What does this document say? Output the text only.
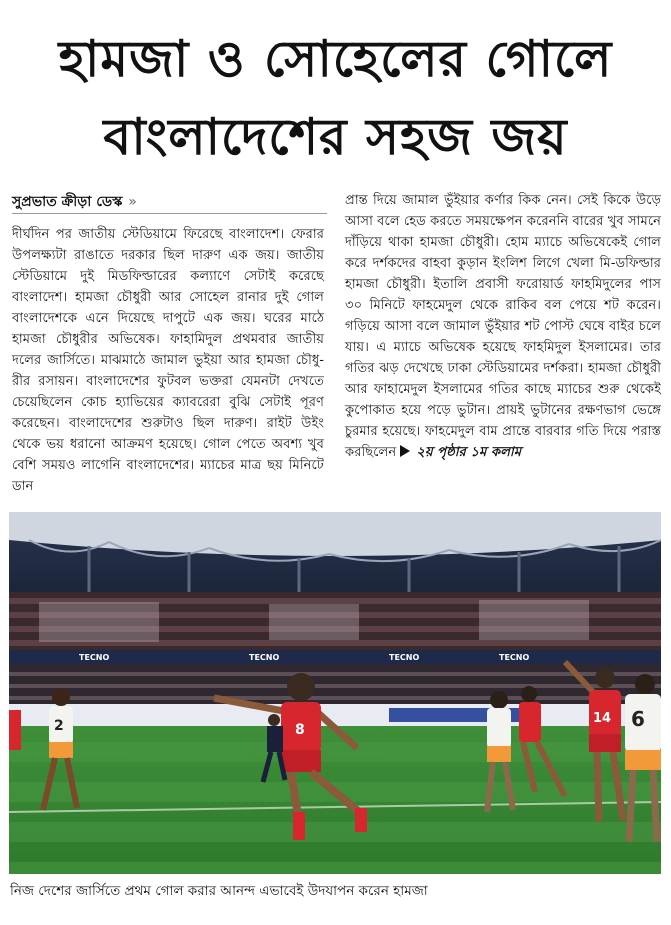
হামজা ও সোহেলের গোলে
বাংলাদেশের সহজ জয়
সুপ্রভাত ক্রীড়া ডেস্ক »
দীর্ঘদিন পর জাতীয় স্টেডিয়ামে ফিরেছে বাংলাদেশ। ফেরার উপলক্ষ্যটা রাঙাতে দরকার ছিল দারুণ এক জয়। জাতীয় স্টেডিয়ামে দুই মিডফিল্ডারের কল্যাণে সেটাই করেছে বাংলাদেশ। হামজা চৌধুরী আর সোহেল রানার দুই গোল বাংলাদেশকে এনে দিয়েছে দাপুটে এক জয়। ঘরের মাঠে হামজা চৌধুরীর অভিষেক। ফাহামিদুল প্রথমবার জাতীয় দলের জার্সিতে। মাঝমাঠে জামাল ভুইয়া আর হামজা চৌধু-রীর রসায়ন। বাংলাদেশের ফুটবল ভক্তরা যেমনটা দেখতে চেয়েছিলেন কোচ হ্যাভিয়ের ক্যাবরেরা বুঝি সেটাই পূরণ করেছেন। বাংলাদেশের শুরুটাও ছিল দারুণ। রাইট উইং থেকে ভয় ধরানো আক্রমণ হয়েছে। গোল পেতে অবশ্য খুব বেশি সময়ও লাগেনি বাংলাদেশের। ম্যাচের মাত্র ছয় মিনিটে ডান
প্রান্ত দিয়ে জামাল ভুঁইয়ার কর্ণার কিক নেন। সেই কিকে উড়ে আসা বলে হেড করতে সময়ক্ষেপন করেননি বারের খুব সামনে দাঁড়িয়ে থাকা হামজা চৌধুরী। হোম ম্যাচে অভিষেকেই গোল করে দর্শকদের বাহবা কুড়ান ইংলিশ লিগে খেলা মি-ডফিল্ডার হামজা চৌধুরী। ইতালি প্রবাসী ফরোয়ার্ড ফাহমিদুলের পাস ৩০ মিনিটে ফাহমেদুল থেকে রাকিব বল পেয়ে শট করেন। গড়িয়ে আসা বলে জামাল ভুঁইয়ার শট পোস্ট ঘেষে বাইর চলে যায়। এ ম্যাচে অভিষেক হয়েছে ফাহমিদুল ইসলামের। তার গতির ঝড় দেখেছে ঢাকা স্টেডিয়ামের দর্শকরা। হামজা চৌধুরী আর ফাহামেদুল ইসলামের গতির কাছে ম্যাচের শুরু থেকেই কুপোকাত হয়ে পড়ে ভুটান। প্রায়ই ভুটানের রক্ষণভাগ ভেঙ্গে চুরমার হয়েছে। ফাহমেদুল বাম প্রান্তে বারবার গতি দিয়ে পরাস্ত করছিলেন ২য় পৃষ্ঠার ১ম কলাম
TECNO	TECNO	TECNO	TECNO
2	8
14 6
নিজ দেশের জার্সিতে প্রথম গোল করার আনন্দ এভাবেই উদযাপন করেন হামজা
